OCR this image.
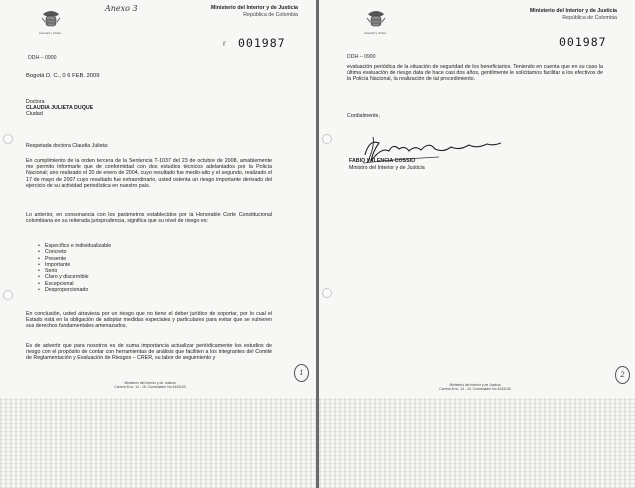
Libertad y Orden
Anexo 3	Ministerio del Interior y de Justicia
República de Colombia
r 001987
DDH – 0900
Bogotá D. C., 0 6 FEB. 2009
Doctora
CLAUDIA JULIETA DUQUE
Ciudad
Respetada doctora Claudia Julieta:
En cumplimiento de la orden tercera de la Sentencia T-1037 del 23 de octubre de 2008, amablemente me permito informarle que de conformidad con dos estudios técnicos adelantados por la Policía Nacional; uno realizado el 20 de enero de 2004, cuyo resultado fue medio-alto y el segundo, realizado el 17 de mayo de 2007 cuyo resultado fue extraordinario, usted ostenta un riesgo importante derivado del ejercicio de su actividad periodística en nuestro país.
Lo anterior, en consonancia con los parámetros establecidos por la Honorable Corte Constitucional colombiana en su reiterada jurisprudencia, significa que su nivel de riesgo es:
• Específico e individualizable
• Concreto
• Presente
• Importante
• Serio
• Claro y discernible
• Excepcional
• Desproporcionado
En conclusión, usted atraviesa por un riesgo que no tiene el deber jurídico de soportar, por lo cual el Estado está en la obligación de adoptar medidas especiales y particulares para evitar que se vulneren sus derechos fundamentales amenazados.
Es de advertir que para nosotros es de suma importancia actualizar periódicamente los estudios de riesgo con el propósito de contar con herramientas de análisis que faciliten a los integrantes del Comité de Reglamentación y Evaluación de Riesgos – CRER, su labor de seguimiento y
Ministerio del Interior y de Justicia
Carrera 8 no. 14 - 15. Conmutador No 4443100
1
Libertad y Orden
Ministerio del Interior y de Justicia
República de Colombia
001987
DDH – 0900
evaluación periódica de la situación de seguridad de los beneficiarios. Teniendo en cuenta que en su caso la última evaluación de riesgo data de hace casi dos años, gentilmente le solicitamos facilitar a los efectivos de la Policía Nacional, la realización de tal procedimiento.
Cordialmente,
FABIO VALENCIA COSSIO
Ministro del Interior y de Justicia
Ministerio del Interior y de Justicia
Carrera 8 no. 14 - 15. Conmutador No 4443100
2
